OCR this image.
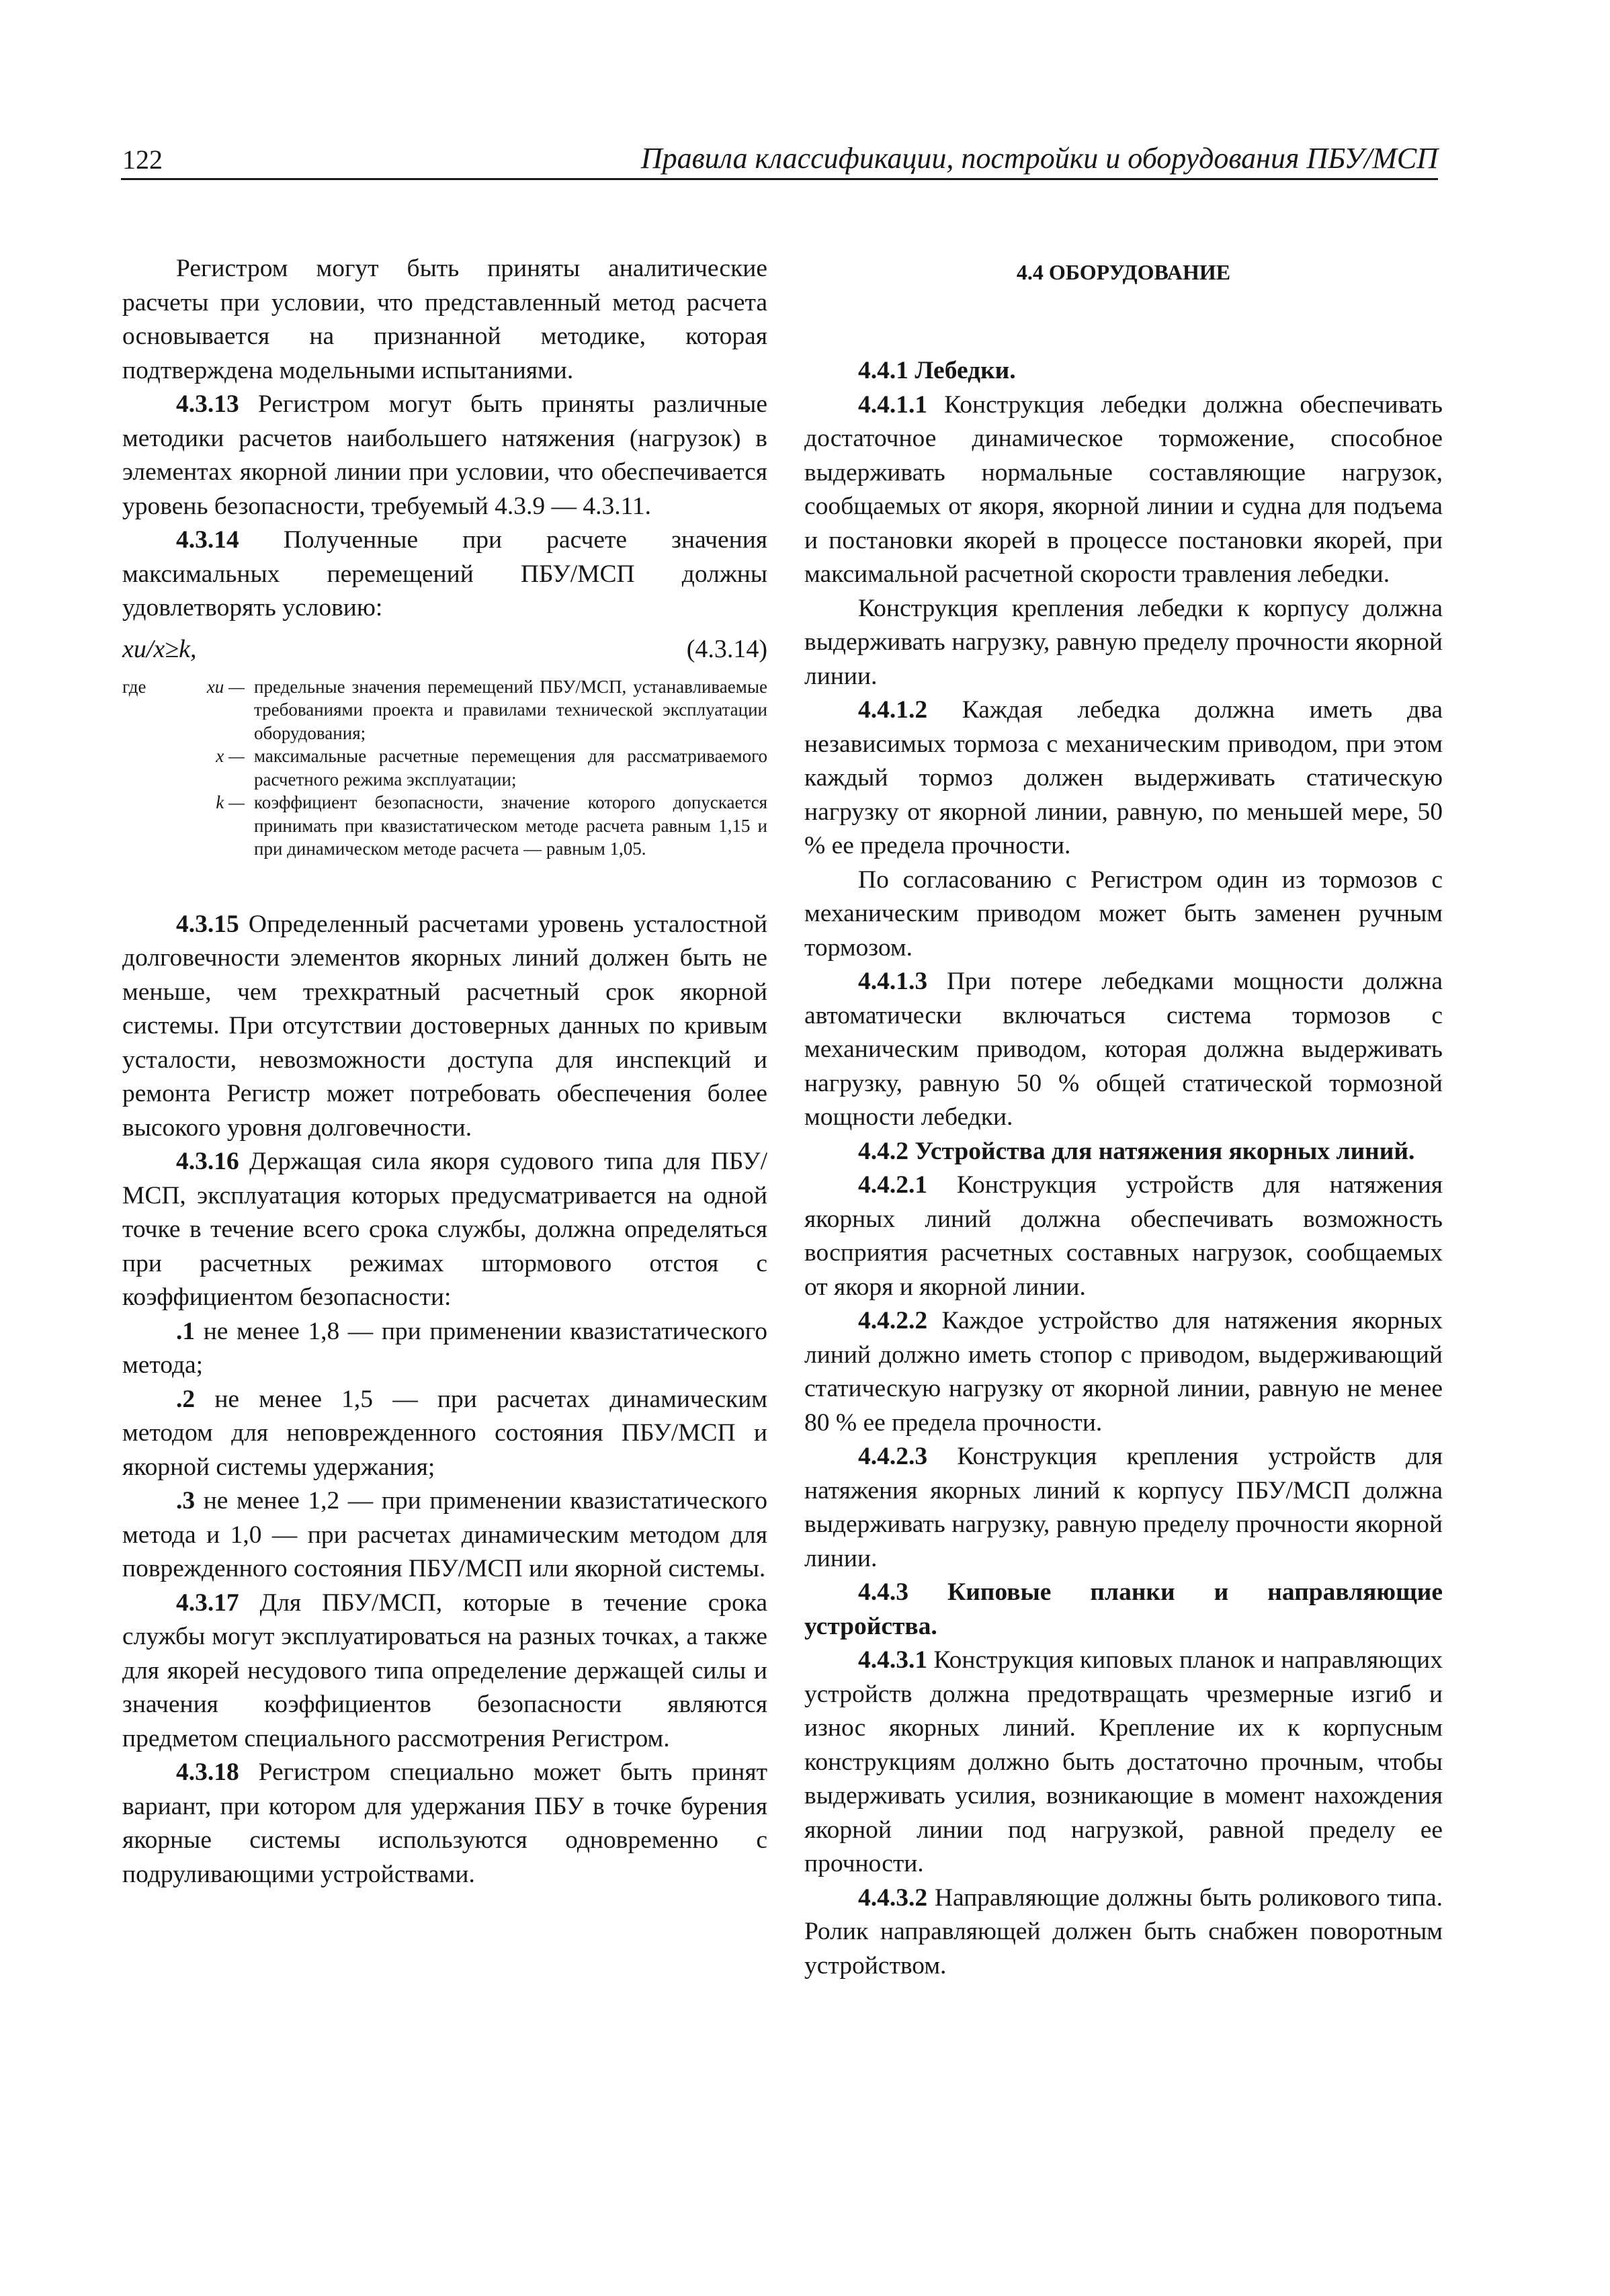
122	Правила классификации, постройки и оборудования ПБУ/МСП

Регистром могут быть приняты аналитические расчеты при условии, что представленный метод расчета основывается на признанной методике, которая подтверждена модельными испытаниями.

4.3.13 Регистром могут быть приняты различные методики расчетов наибольшего натяжения (нагрузок) в элементах якорной линии при условии, что обеспечивается уровень безопасности, требуемый 4.3.9 — 4.3.11.

4.3.14 Полученные при расчете значения максимальных перемещений ПБУ/МСП должны удовлетворять условию:

xu/x≥k,	(4.3.14)
где	xu — предельные значения перемещений ПБУ/МСП, устанавливаемые требованиями проекта и правилами технической эксплуатации оборудования;
x — максимальные расчетные перемещения для рассматриваемого расчетного режима эксплуатации;
k — коэффициент безопасности, значение которого допускается принимать при квазистатическом методе расчета равным 1,15 и при динамическом методе расчета — равным 1,05.

4.3.15 Определенный расчетами уровень усталостной долговечности элементов якорных линий должен быть не меньше, чем трехкратный расчетный срок якорной системы. При отсутствии достоверных данных по кривым усталости, невозможности доступа для инспекций и ремонта Регистр может потребовать обеспечения более высокого уровня долговечности.

4.3.16 Держащая сила якоря судового типа для ПБУ/МСП, эксплуатация которых предусматривается на одной точке в течение всего срока службы, должна определяться при расчетных режимах штормового отстоя с коэффициентом безопасности:

.1 не менее 1,8 — при применении квазистатического метода;

.2 не менее 1,5 — при расчетах динамическим методом для неповрежденного состояния ПБУ/МСП и якорной системы удержания;

.3 не менее 1,2 — при применении квазистатического метода и 1,0 — при расчетах динамическим методом для поврежденного состояния ПБУ/МСП или якорной системы.

4.3.17 Для ПБУ/МСП, которые в течение срока службы могут эксплуатироваться на разных точках, а также для якорей несудового типа определение держащей силы и значения коэффициентов безопасности являются предметом специального рассмотрения Регистром.

4.3.18 Регистром специально может быть принят вариант, при котором для удержания ПБУ в точке бурения якорные системы используются одновременно с подруливающими устройствами.

4.4 ОБОРУДОВАНИЕ

4.4.1 Лебедки.

4.4.1.1 Конструкция лебедки должна обеспечивать достаточное динамическое торможение, способное выдерживать нормальные составляющие нагрузок, сообщаемых от якоря, якорной линии и судна для подъема и постановки якорей в процессе постановки якорей, при максимальной расчетной скорости травления лебедки.

Конструкция крепления лебедки к корпусу должна выдерживать нагрузку, равную пределу прочности якорной линии.

4.4.1.2 Каждая лебедка должна иметь два независимых тормоза с механическим приводом, при этом каждый тормоз должен выдерживать статическую нагрузку от якорной линии, равную, по меньшей мере, 50 % ее предела прочности.

По согласованию с Регистром один из тормозов с механическим приводом может быть заменен ручным тормозом.

4.4.1.3 При потере лебедками мощности должна автоматически включаться система тормозов с механическим приводом, которая должна выдерживать нагрузку, равную 50 % общей статической тормозной мощности лебедки.

4.4.2 Устройства для натяжения якорных линий.

4.4.2.1 Конструкция устройств для натяжения якорных линий должна обеспечивать возможность восприятия расчетных составных нагрузок, сообщаемых от якоря и якорной линии.

4.4.2.2 Каждое устройство для натяжения якорных линий должно иметь стопор с приводом, выдерживающий статическую нагрузку от якорной линии, равную не менее 80 % ее предела прочности.

4.4.2.3 Конструкция крепления устройств для натяжения якорных линий к корпусу ПБУ/МСП должна выдерживать нагрузку, равную пределу прочности якорной линии.

4.4.3 Киповые планки и направляющие устройства.

4.4.3.1 Конструкция киповых планок и направляющих устройств должна предотвращать чрезмерные изгиб и износ якорных линий. Крепление их к корпусным конструкциям должно быть достаточно прочным, чтобы выдерживать усилия, возникающие в момент нахождения якорной линии под нагрузкой, равной пределу ее прочности.

4.4.3.2 Направляющие должны быть роликового типа. Ролик направляющей должен быть снабжен поворотным устройством.
